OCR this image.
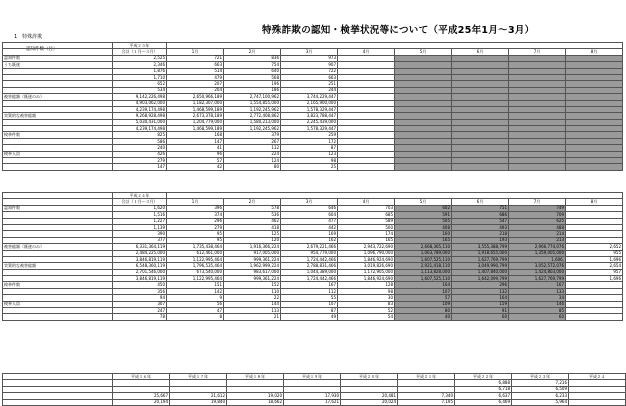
特殊詐欺の認知・検挙状況等について（平成25年1月～3月）
1　特殊詐欺
認知件数（注）
	平成２５年								
	合計（１月～３月）	1月	2月	3月	4月	5月	6月	7月	8月
認知件数	2,525	721	836	973					
うち既遂	2,346	663	754	907					
	1,876	514	640	722					
	1,710	479	568	663					
	652	207	196	251					
	534	204	186	244					
被害総額（既遂のみ）	9,142,226,498	2,650,966,189	2,747,100,962	3,744,229,447					
	4,903,062,000	1,182,307,000	1,554,855,000	2,165,900,000					
	4,239,174,498	1,468,599,189	1,192,245,962	1,578,329,447					
実質的な被害総額	9,268,928,498	2,673,378,189	2,772,408,862	3,823,788,447					
	5,030,431,000	1,204,779,000	1,580,213,000	2,245,439,000					
	4,239,174,498	1,468,599,189	1,192,245,962	1,578,329,447					
検挙件数	825	168	379	259					
	586	147	267	172					
	240	41	112	87					
検挙人員	426	96	224	123					
	279	57	124	98					
	147	42	80	25					
	平成２４年								
	合計（１月～３月）	1月	2月	3月	4月	5月	6月	7月	8月
認知件数	1,620	396	578	646	703	602	751	749	
	1,516	374	536	604	685	591	686	709	
	1,227	296	462	477	589	505	547	625	
	1,139	279	418	442	500	408	493	488	
	390	95	125	169	174	160	218	214	
	377	95	120	162	165	165	193	213	
被害総額（既遂のみ）	6,331,364,119	1,735,438,464	1,916,366,224	2,679,221,466	2,943,722,690	2,668,365,110	3,555,388,799	2,966,774,076	2,652
	2,484,225,000	612,461,000	917,005,000	954,779,000	1,096,790,000	1,063,789,000	1,918,655,000	1,359,005,000	955
	3,846,819,119	1,122,995,464	999,361,224	1,724,442,466	1,846,924,690	1,607,525,110	1,627,769,799	1,606,	1,696
実質的な被害総額	6,548,360,119	1,796,535,464	1,962,999,224	2,788,831,466	3,019,826,690	2,921,418,110	3,049,990,799	3,052,572,076	2,654
	2,701,546,000	673,540,000	983,617,000	1,044,389,000	1,172,905,000	1,113,828,000	1,407,840,000	1,424,803,000	957
	3,846,819,119	1,122,995,464	999,361,224	1,724,442,466	1,846,924,690	1,607,525,110	1,642,099,799	1,627,769,799	1,696
検挙件数	450	151	152	167	128	164	296	167	
	356	142	110	112	98	107	132	133	
	94	9	22	55	30	57	164	34	
検挙人員	307	56	144	107	83	109	159	146	
	247	47	113	87	52	80	91	85	
	78	8	21	49	54	40	60	60	
	平成１６年	平成１７年	平成１８年	平成１９年	平成２０年	平成２１年	平成２２年	平成２３年	平成２４
							6,888	7,216	
							6,718	6,509	
	25,667	21,612	19,020	17,930	20,481	7,340	6,637	6,233	
	20,194	19,840	18,662	17,621	20,024	7,195	6,469	5,964	
